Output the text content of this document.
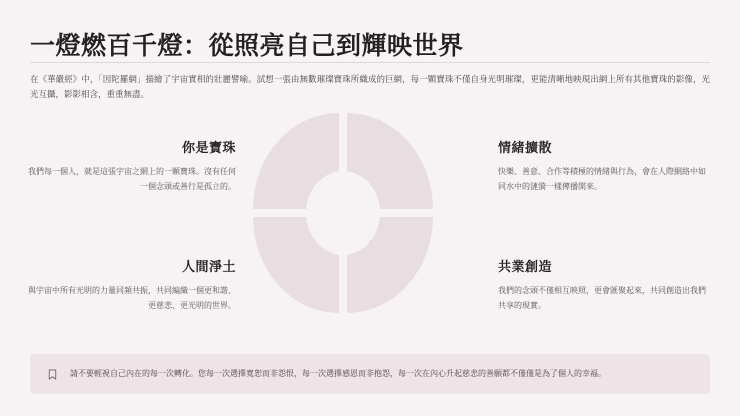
一燈燃百千燈：從照亮自己到輝映世界
在《華嚴經》中，「因陀羅網」描繪了宇宙實相的壯麗譬喻。試想一張由無數璀璨寶珠所織成的巨網，每一顆寶珠不僅自身光明璀璨，更能清晰地映現出網上所有其他寶珠的影像，光光互攝，影影相含，重重無盡。
你是寶珠

我們每一個人，就是這張宇宙之網上的一顆寶珠。沒有任何一個念頭或善行是孤立的。

情緒擴散

快樂、善意、合作等積極的情緒與行為，會在人際網絡中如同水中的漣漪一樣傳播開來。

人間淨土

與宇宙中所有光明的力量同頻共振，共同編織一個更和諧、更慈悲、更光明的世界。

共業創造

我們的念頭不僅相互映照，更會匯聚起來，共同創造出我們共享的現實。

請不要輕視自己內在的每一次轉化。您每一次選擇寬恕而非怨恨，每一次選擇感恩而非抱怨，每一次在內心升起慈悲的善願都不僅僅是為了個人的幸福。
